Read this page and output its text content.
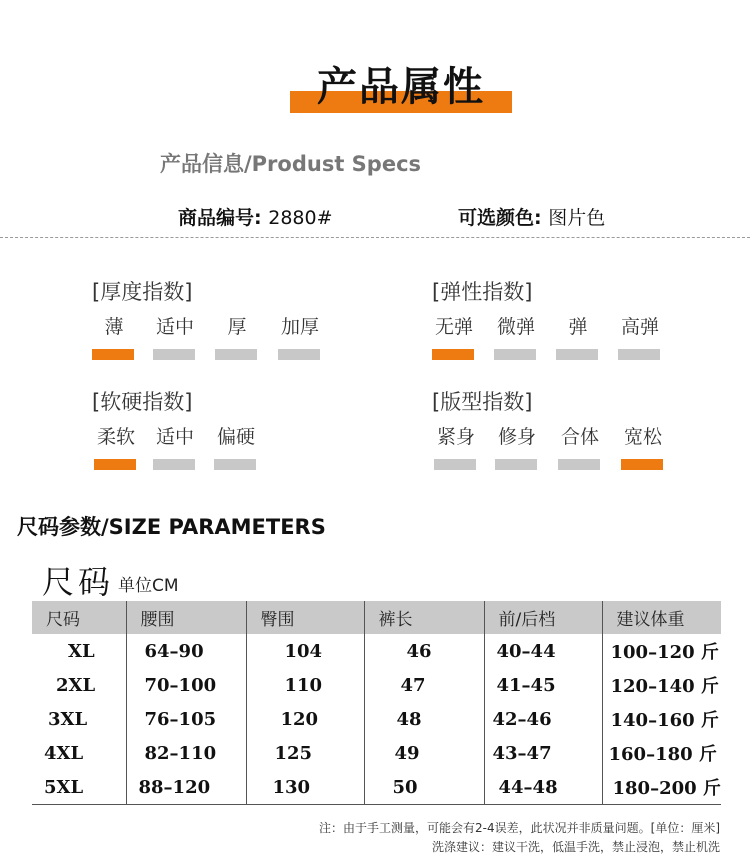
产品属性
产品信息/Produst Specs
商品编号: 2880#	可选颜色: 图片色
[厚度指数]
薄	适中	厚	加厚
[弹性指数]
无弹 微弹	弹	高弹
[软硬指数]
柔软 适中 偏硬
[版型指数]
紧身 修身 合体 宽松
尺码参数/SIZE PARAMETERS
尺码 单位CM
尺码	腰围	臀围	裤长	前/后档	建议体重
XL	64–90	104	46	40–44	100–120 斤
2XL	70–100	110	47	41–45	120–140 斤
3XL	76–105	120	48	42–46	140–160 斤
4XL	82–110	125	49	43–47	160–180 斤
5XL	88–120	130	50	44–48	180–200 斤
注：由于手工测量，可能会有2-4误差，此状况并非质量问题。[单位：厘米]
洗涤建议：建议干洗，低温手洗，禁止浸泡，禁止机洗
